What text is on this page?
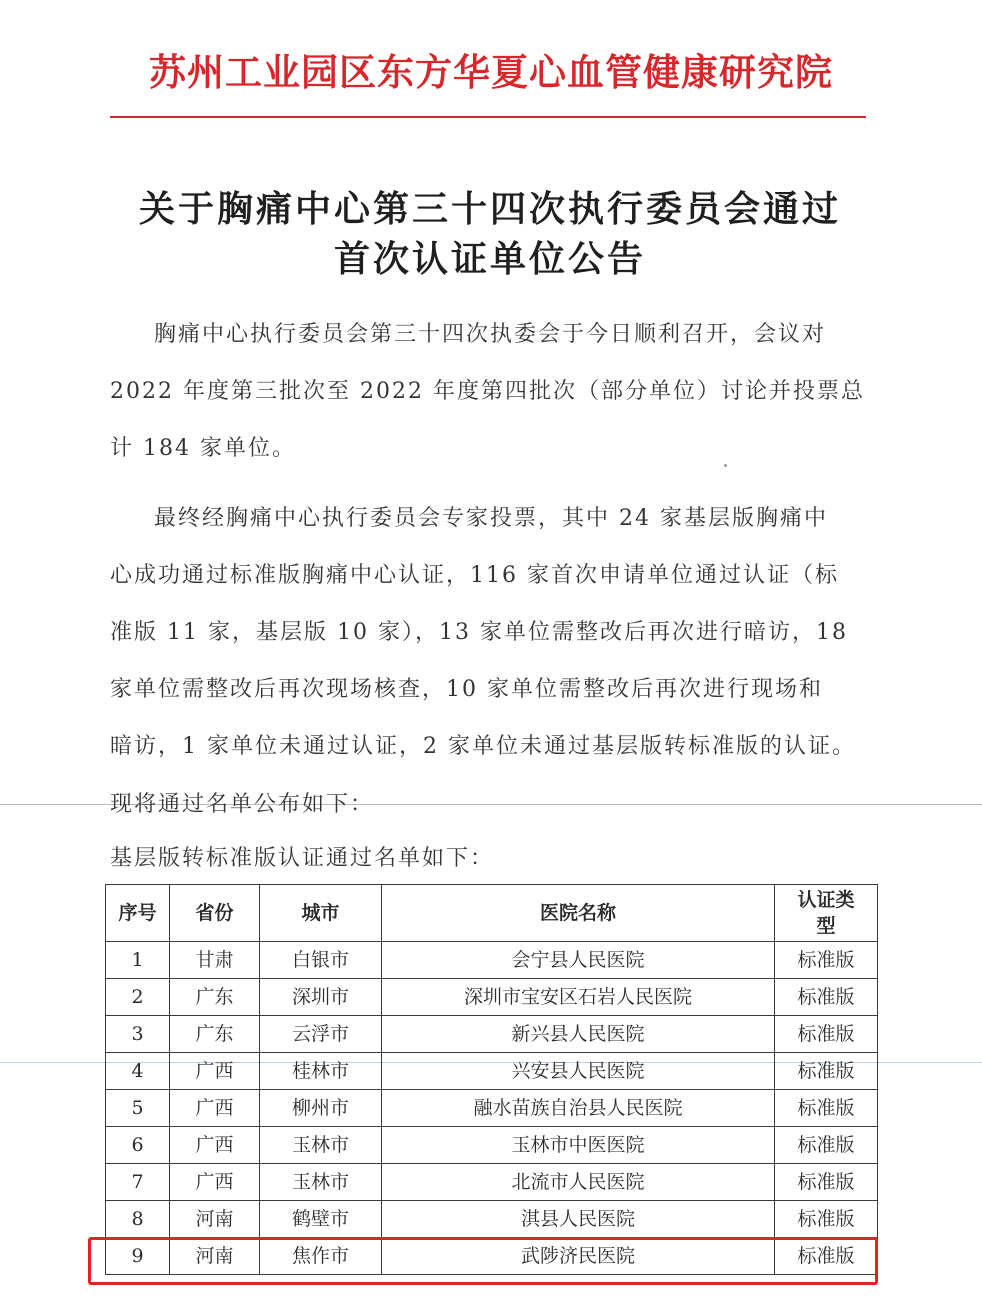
苏州工业园区东方华夏心血管健康研究院
关于胸痛中心第三十四次执行委员会通过
首次认证单位公告
胸痛中心执行委员会第三十四次执委会于今日顺利召开，会议对
2022 年度第三批次至 2022 年度第四批次（部分单位）讨论并投票总
计 184 家单位。
最终经胸痛中心执行委员会专家投票，其中 24 家基层版胸痛中
心成功通过标准版胸痛中心认证，116 家首次申请单位通过认证（标
准版 11 家，基层版 10 家），13 家单位需整改后再次进行暗访，18
家单位需整改后再次现场核查，10 家单位需整改后再次进行现场和
暗访，1 家单位未通过认证，2 家单位未通过基层版转标准版的认证。
现将通过名单公布如下：
基层版转标准版认证通过名单如下：
序号	省份	城市	医院名称	认证类
型

1	甘肃	白银市	会宁县人民医院	标准版
2	广东	深圳市	深圳市宝安区石岩人民医院	标准版
3	广东	云浮市	新兴县人民医院	标准版
4	广西	桂林市	兴安县人民医院	标准版
5	广西	柳州市	融水苗族自治县人民医院	标准版
6	广西	玉林市	玉林市中医医院	标准版
7	广西	玉林市	北流市人民医院	标准版
8	河南	鹤壁市	淇县人民医院	标准版
9	河南	焦作市	武陟济民医院	标准版
